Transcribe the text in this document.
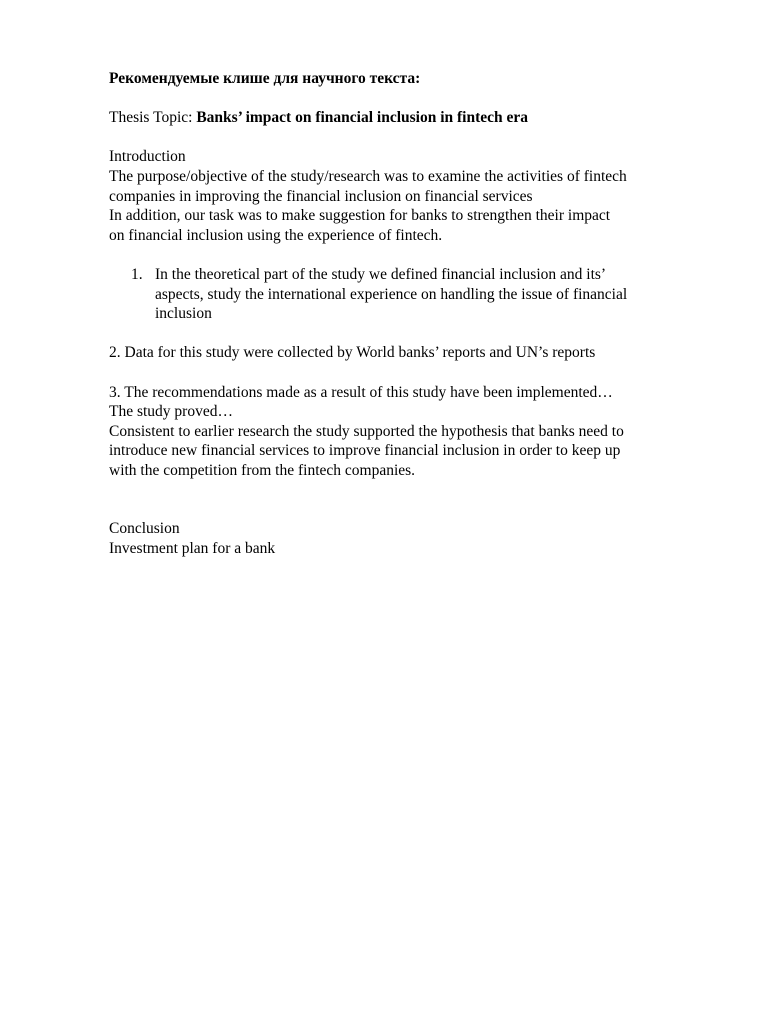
Рекомендуемые клише для научного текста:

Thesis Topic: Banks’ impact on financial inclusion in fintech era

Introduction

The purpose/objective of the study/research was to examine the activities of fintech

companies in improving the financial inclusion on financial services

In addition, our task was to make suggestion for banks to strengthen their impact

on financial inclusion using the experience of fintech.

1. In the theoretical part of the study we defined financial inclusion and its’

aspects, study the international experience on handling the issue of financial

inclusion

2. Data for this study were collected by World banks’ reports and UN’s reports

3. The recommendations made as a result of this study have been implemented…

The study proved…

Consistent to earlier research the study supported the hypothesis that banks need to

introduce new financial services to improve financial inclusion in order to keep up

with the competition from the fintech companies.

Conclusion

Investment plan for a bank
